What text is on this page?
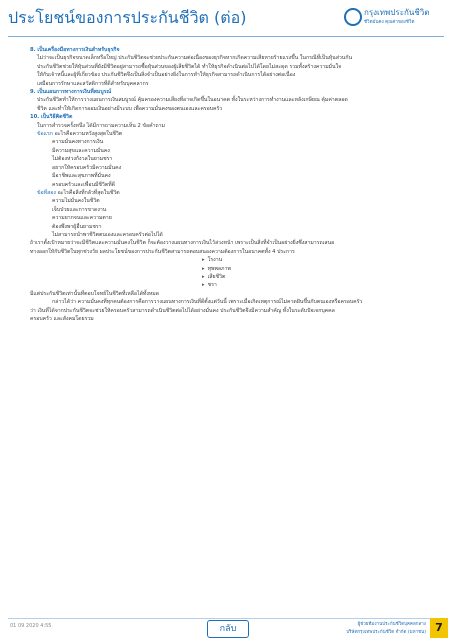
ประโยชน์ของการประกันชีวิต (ต่อ)	กรุงเทพประกันชีวิต
ชีวิตมั่นคง คุณค่าของชีวิต

8. เป็นเครื่องมือทางการเงินสำหรับธุรกิจ

ไม่ว่าจะเป็นธุรกิจขนาดเล็กหรือใหญ่ ประกันชีวิตจะช่วยประกันความต่อเนื่องของธุรกิจหากเกิดความเสียหายร้ายแรงขึ้น ในกรณีที่เป็นหุ้นส่วนกัน

ประกันชีวิตช่วยให้หุ้นส่วนที่ยังมีชีวิตอยู่สามารถซื้อหุ้นส่วนของผู้เสียชีวิตได้ ทำให้ธุรกิจดำเนินต่อไปได้โดยไม่สะดุด รวมทั้งสร้างความมั่นใจ

ให้กับเจ้าหนี้และผู้ที่เกี่ยวข้อง ประกันชีวิตจึงเป็นสิ่งจำเป็นอย่างยิ่งในการทำให้ธุรกิจสามารถดำเนินการได้อย่างต่อเนื่อง

เสมือนการรักษาและสวัสดิการที่ดีสำหรับบุคคลากร

9. เป็นแผนการทางการเงินที่สมบูรณ์

ประกันชีวิตทำให้การวางแผนการเงินสมบูรณ์ คุ้มครองความเสี่ยงที่อาจเกิดขึ้นในอนาคต ทั้งในระหว่างการทำงานและหลังเกษียณ คุ้มค่าตลอด

ชีวิต และทำให้เกิดการออมเงินอย่างมีระบบ เพื่อความมั่นคงของตนเองและครอบครัว

10. เป็นวิธีคิดชีวิต

ในการสำรวจครั้งหนึ่ง ได้มีการถามความเห็น 2 ข้อคำถาม

ข้อแรก อะไรคือความหวังสูงสุดในชีวิต

ความมั่นคงทางการเงิน

มีความสุขและความมั่นคง

ไม่ต้องห่วงกังวลในยามชรา

อยากให้ครอบครัวมีความมั่นคง

มีอาชีพและสุขภาพที่มั่นคง

ครอบครัวและเพื่อนมีชีวิตที่ดี

ข้อที่สอง อะไรคือสิ่งที่กลัวที่สุดในชีวิต

ความไม่มั่นคงในชีวิต

เจ็บป่วยและการขาดงาน

ความยากจนและความตาย

ต้องพึ่งพาผู้อื่นยามชรา

ไม่สามารถนำพาชีวิตตนเองและครอบครัวต่อไปได้

ถ้าเราตั้งเป้าหมายว่าจะมีชีวิตและความมั่นคงในชีวิต ก็จะต้องวางแผนทางการเงินไว้ล่วงหน้า เพราะเป็นสิ่งที่จำเป็นอย่างยิ่งซึ่งสามารถเสนอ

ทางออกให้กับชีวิตในทุกช่วงวัย ผลประโยชน์ของการประกันชีวิตสามารถตอบสนองความต้องการในอนาคตทั้ง 4 ประการ

▸ โรงาน

▸ ทุพพลภาพ

▸ เสียชีวิต

▸ ชรา

มีแต่ประกันชีวิตเท่านั้นที่ตอบโจทย์ในชีวิตที่เหลือได้ทั้งหมด

กล่าวได้ว่า ความมั่นคงที่ทุกคนต้องการคือการวางแผนทางการเงินที่ดีตั้งแต่วันนี้ เพราะเมื่อเกิดเหตุการณ์ไม่คาดฝันขึ้นกับตนเองหรือครอบครัว

ว่า เงินที่ได้จากประกันชีวิตจะช่วยให้ครอบครัวสามารถดำเนินชีวิตต่อไปได้อย่างมั่นคง ประกันชีวิตจึงมีความสำคัญ ทั้งในระดับปัจเจกบุคคล

ครอบครัว และสังคมโดยรวม

01 09 2020 4:55	กลับ	ผู้ช่วยทีมงานประกันชีวิตบุคคลกลาง
บริษัทกรุงเทพประกันชีวิต จำกัด (มหาชน) 7
